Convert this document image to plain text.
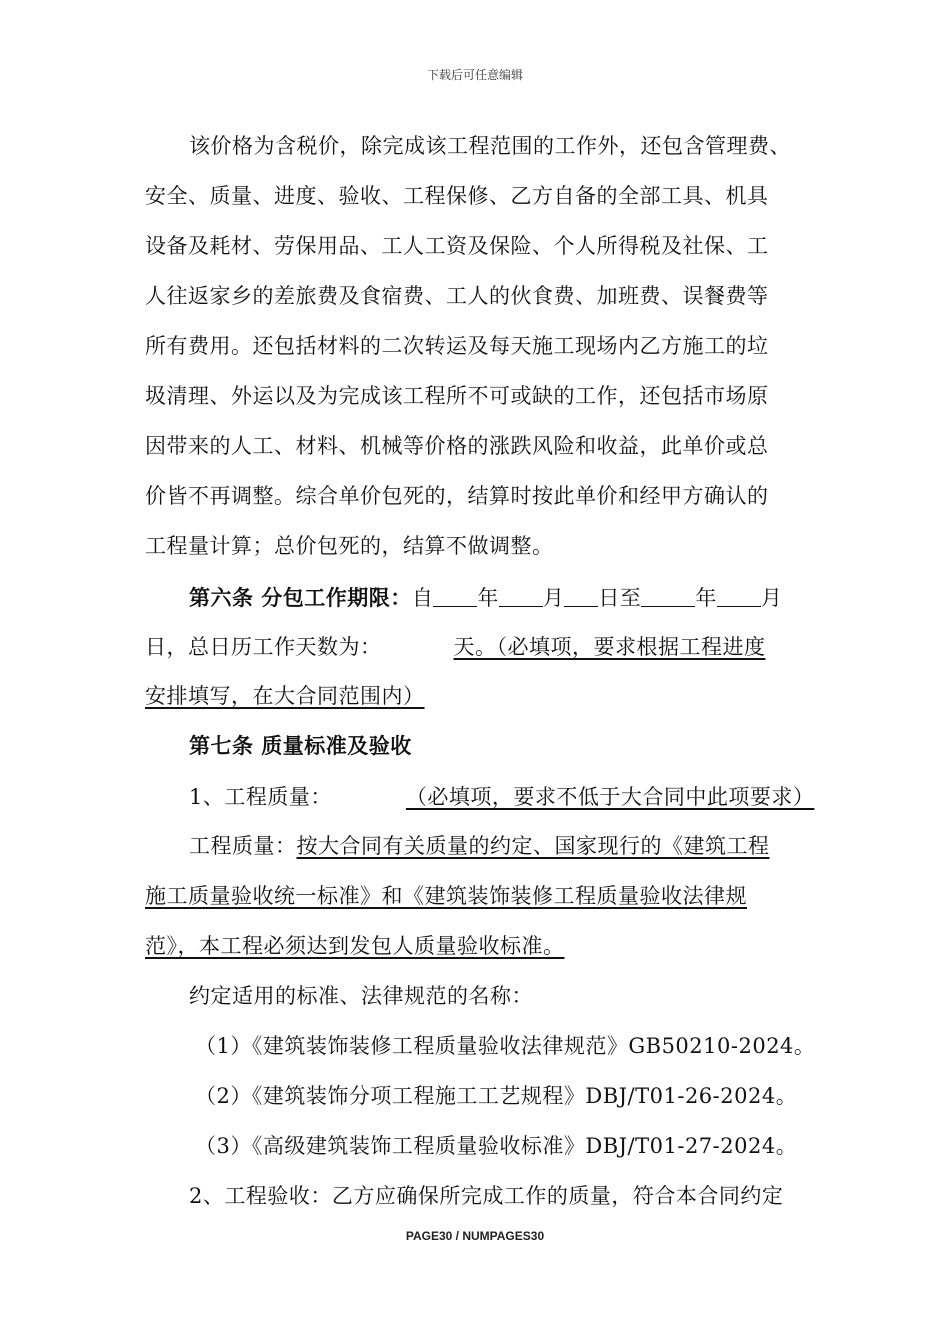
下载后可任意编辑
该价格为含税价，除完成该工程范围的工作外，还包含管理费、
安全、质量、进度、验收、工程保修、乙方自备的全部工具、机具
设备及耗材、劳保用品、工人工资及保险、个人所得税及社保、工
人往返家乡的差旅费及食宿费、工人的伙食费、加班费、误餐费等
所有费用。还包括材料的二次转运及每天施工现场内乙方施工的垃
圾清理、外运以及为完成该工程所不可或缺的工作，还包括市场原
因带来的人工、材料、机械等价格的涨跌风险和收益，此单价或总
价皆不再调整。综合单价包死的，结算时按此单价和经甲方确认的
工程量计算；总价包死的，结算不做调整。
第六条 分包工作期限：自 年 月 日至	年 月
日，总日历工作天数为：	天。（必填项，要求根据工程进度
安排填写，在大合同范围内）
第七条 质量标准及验收
1、工程质量：	（必填项，要求不低于大合同中此项要求）
工程质量：按大合同有关质量的约定、国家现行的《建筑工程
施工质量验收统一标准》和《建筑装饰装修工程质量验收法律规
范》，本工程必须达到发包人质量验收标准。
约定适用的标准、法律规范的名称：
（1）《建筑装饰装修工程质量验收法律规范》GB50210-2024。
（2）《建筑装饰分项工程施工工艺规程》DBJ/T01-26-2024。
（3）《高级建筑装饰工程质量验收标准》DBJ/T01-27-2024。
2、工程验收：乙方应确保所完成工作的质量，符合本合同约定
PAGE30 / NUMPAGES30
